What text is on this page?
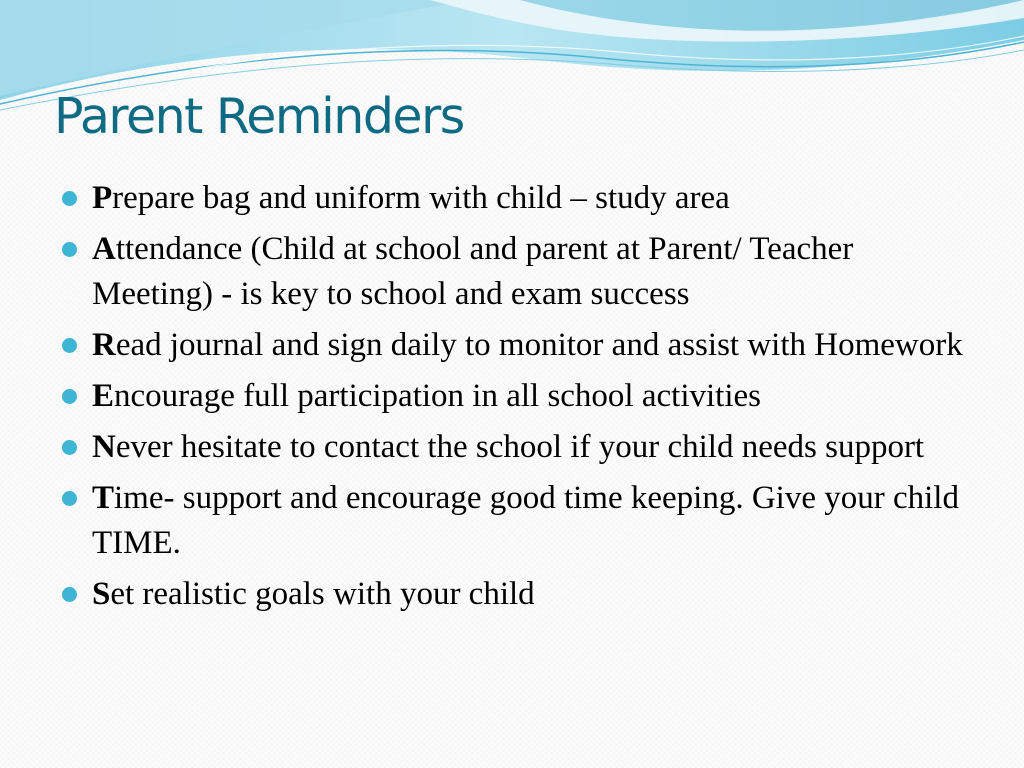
Parent Reminders
Prepare bag and uniform with child – study area
Attendance (Child at school and parent at Parent/ Teacher Meeting) - is key to school and exam success
Read journal and sign daily to monitor and assist with Homework
Encourage full participation in all school activities
Never hesitate to contact the school if your child needs support
Time- support and encourage good time keeping. Give your child TIME.
Set realistic goals with your child
